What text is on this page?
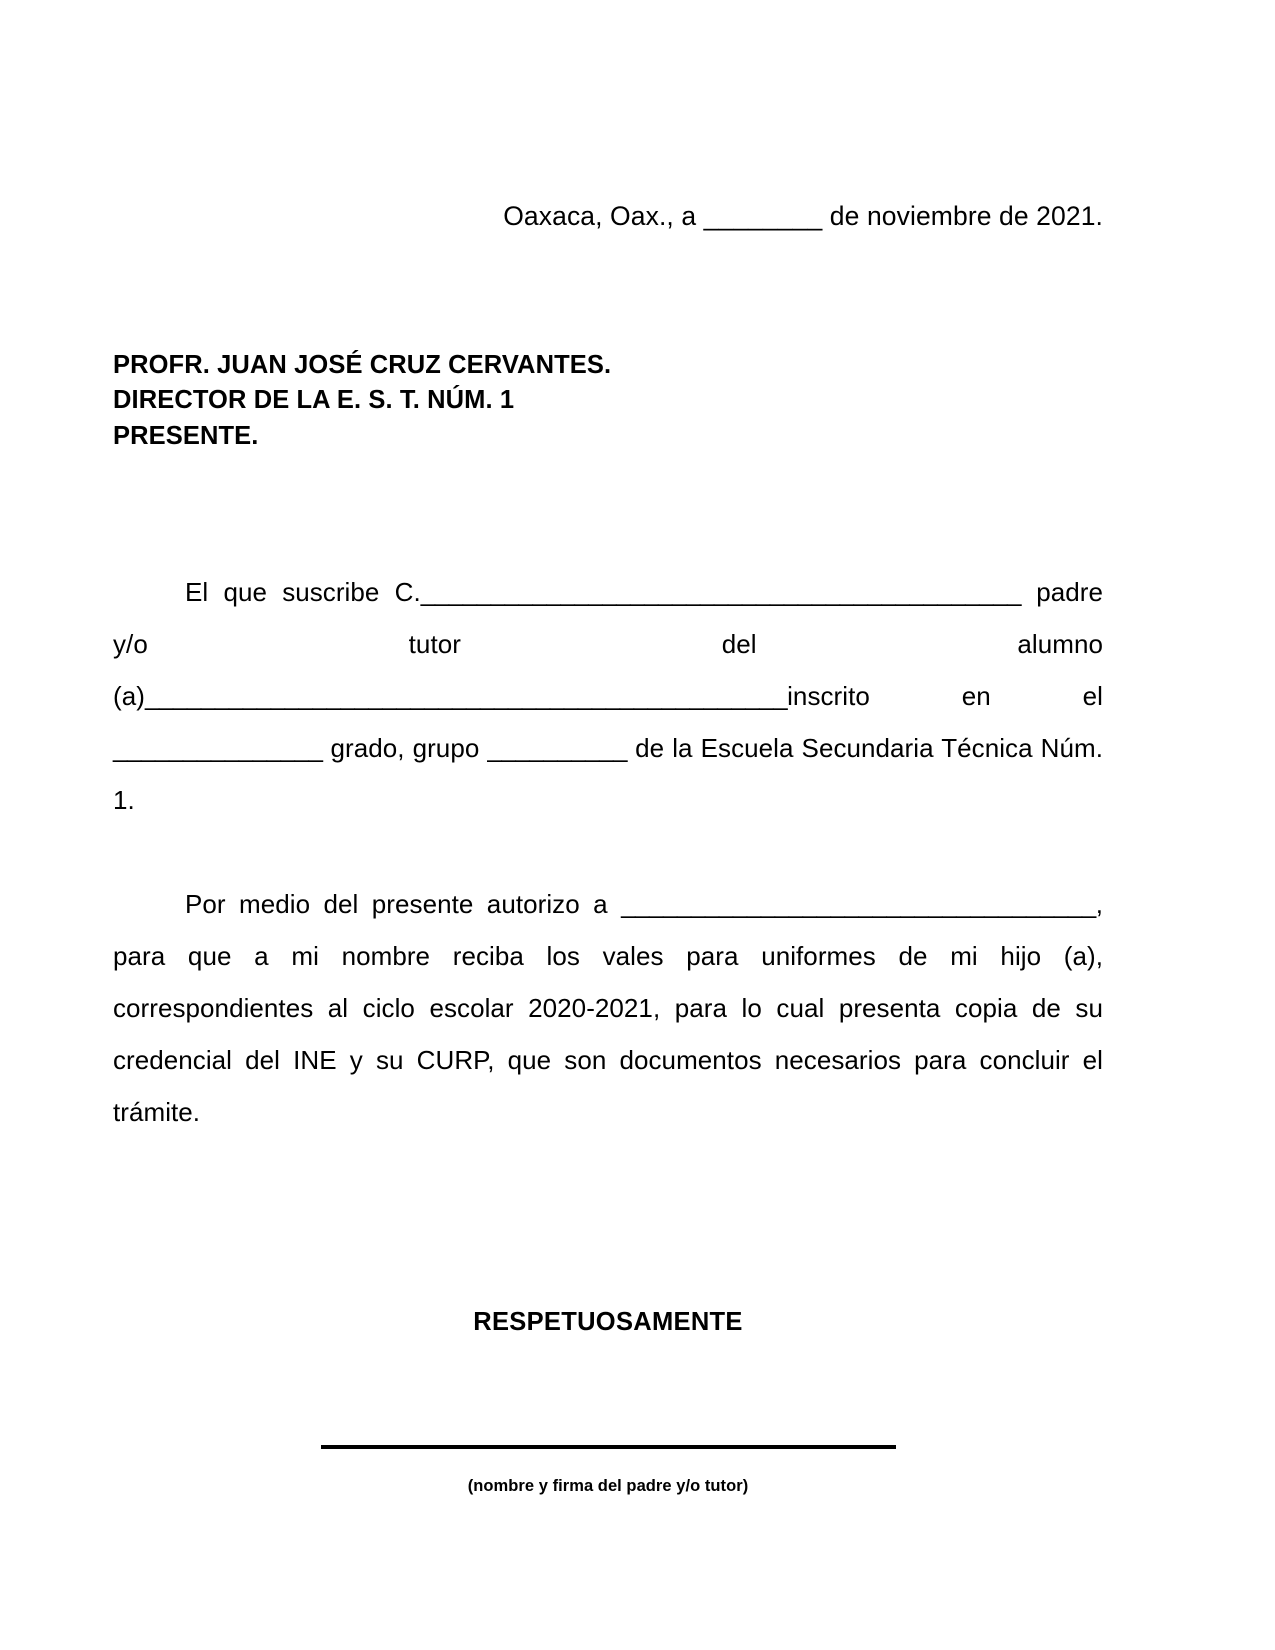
Oaxaca, Oax., a ________ de noviembre de 2021.
PROFR. JUAN JOSÉ CRUZ CERVANTES.
DIRECTOR DE LA E. S. T. NÚM. 1
PRESENTE.

El que suscribe C.___________________________________________ padre y/o tutor del alumno (a)______________________________________________inscrito en el _______________ grado, grupo __________ de la Escuela Secundaria Técnica Núm. 1.

Por medio del presente autorizo a __________________________________, para que a mi nombre reciba los vales para uniformes de mi hijo (a), correspondientes al ciclo escolar 2020-2021, para lo cual presenta copia de su credencial del INE y su CURP, que son documentos necesarios para concluir el trámite.

RESPETUOSAMENTE
(nombre y firma del padre y/o tutor)
